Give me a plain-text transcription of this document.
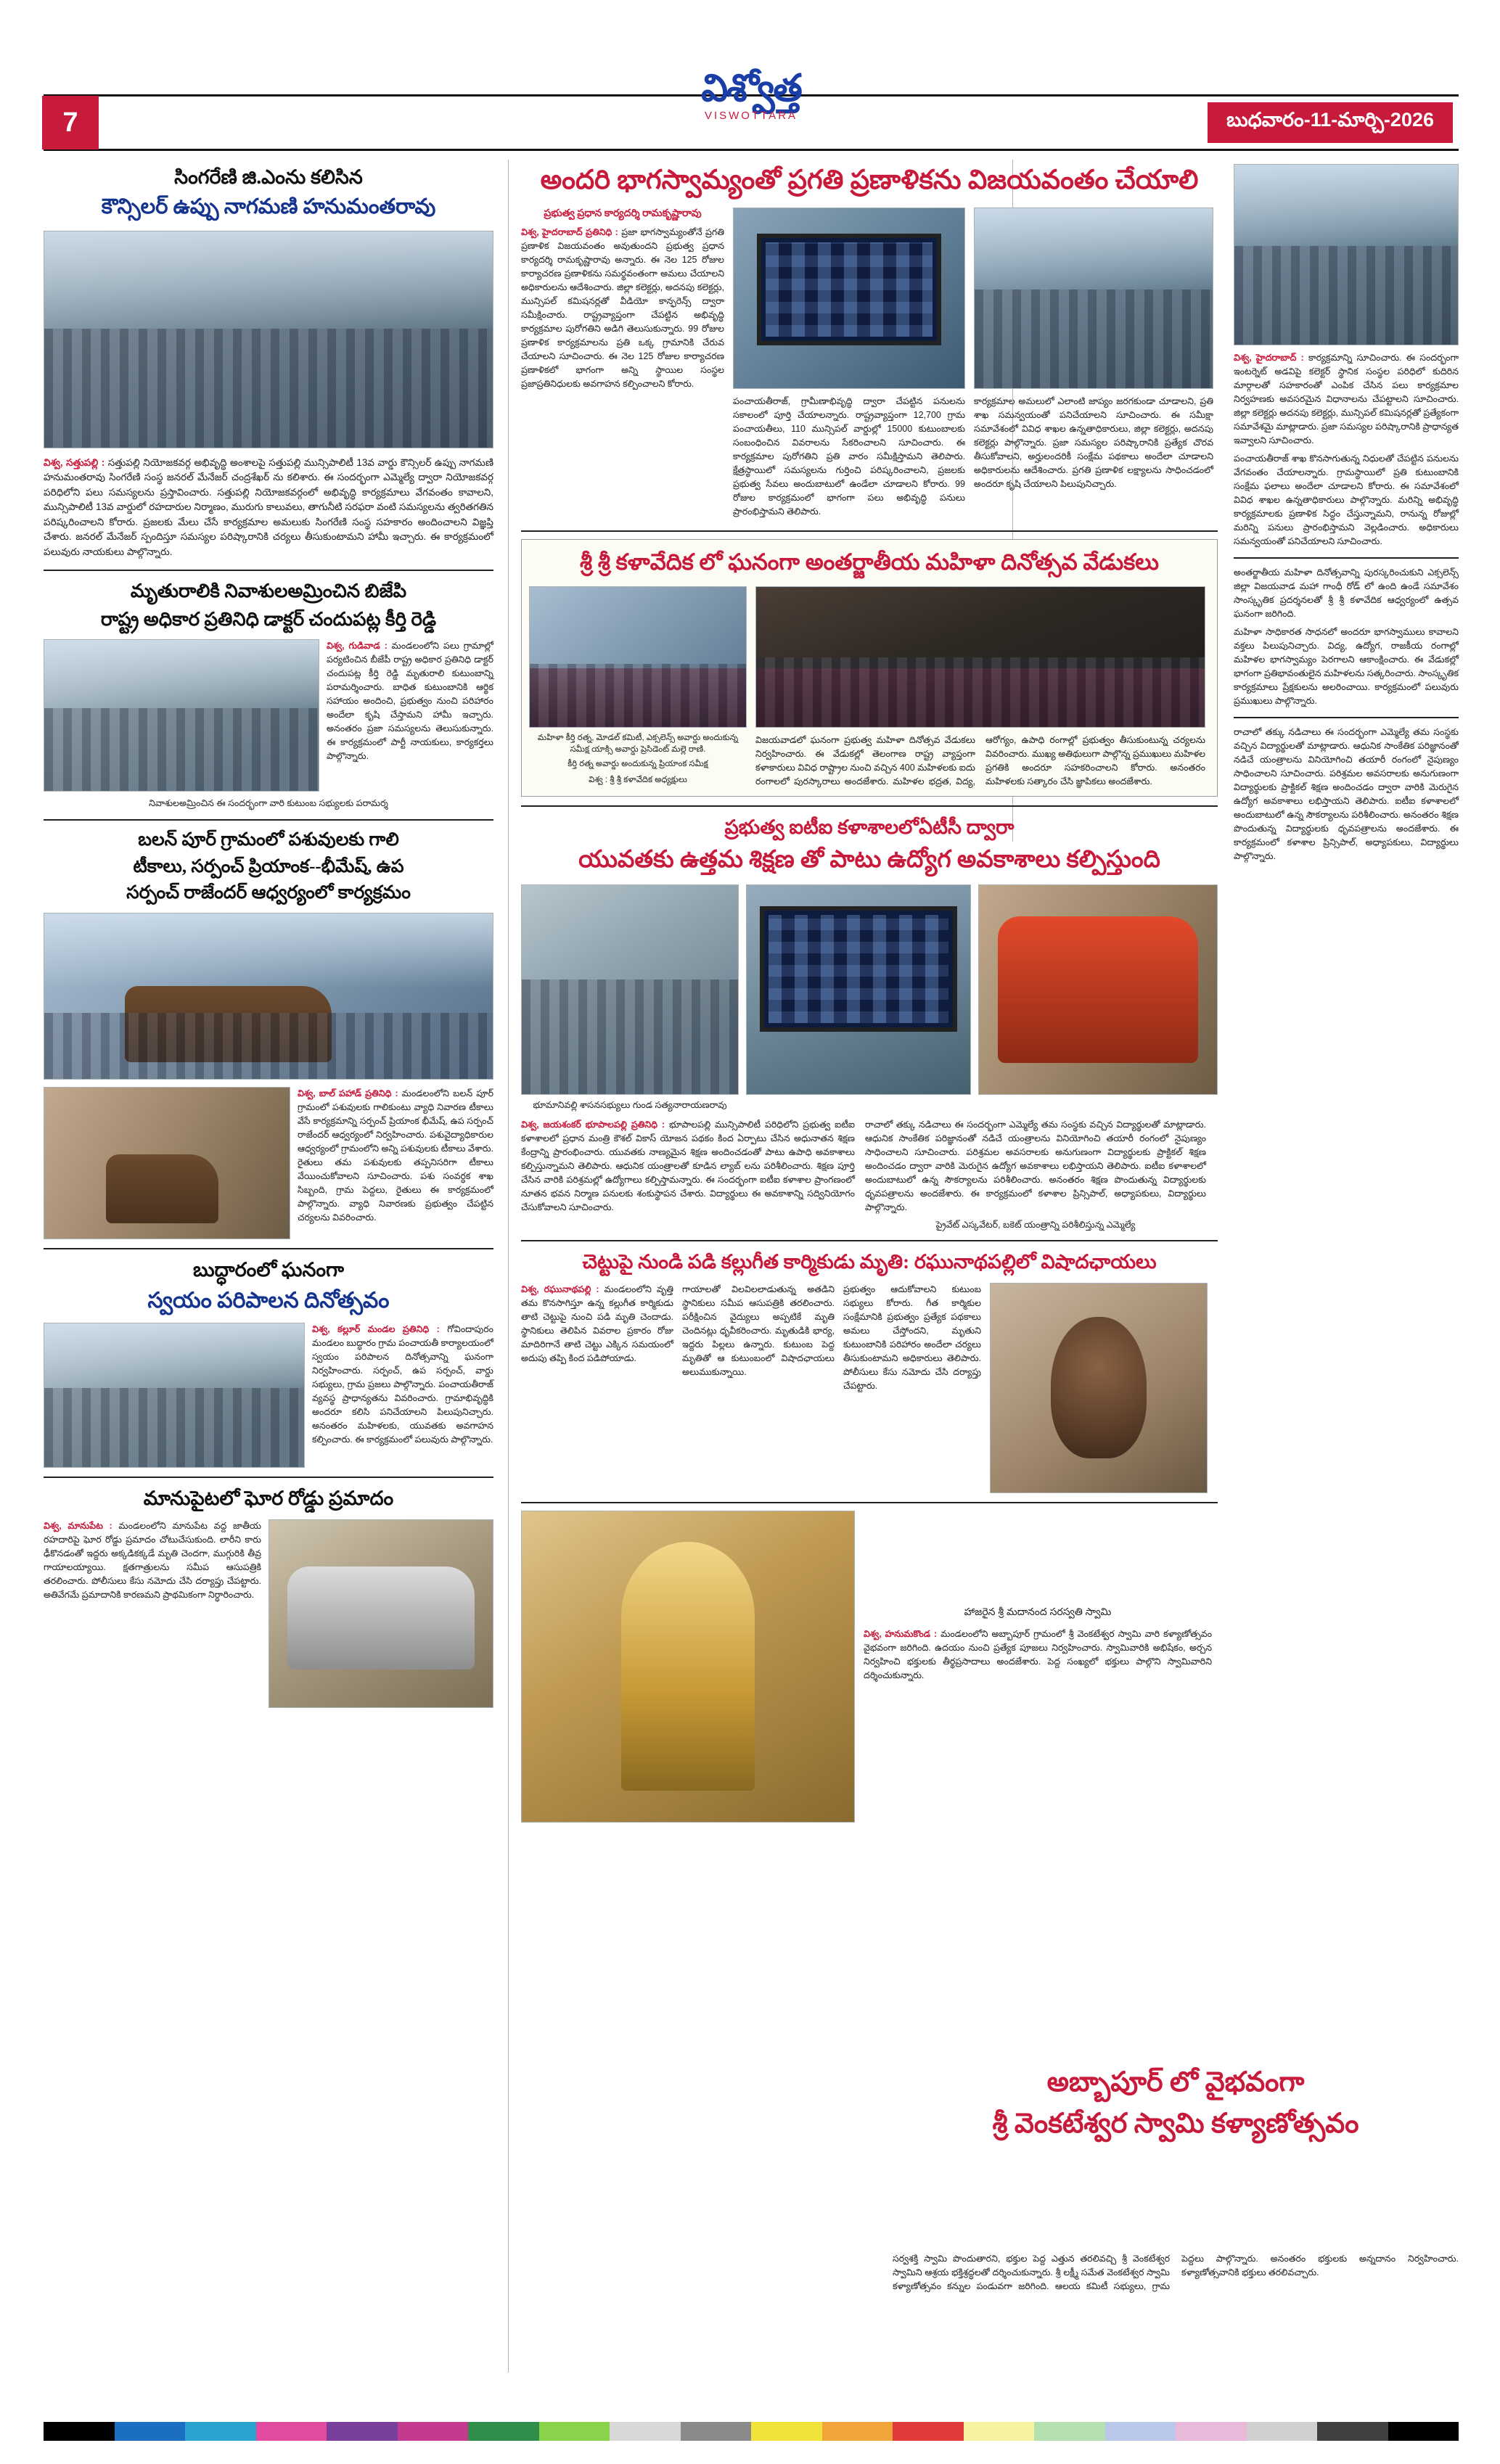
7
విశ్వోత్త
VISWOTTARA	బుధవారం-11-మార్చి-2026
సింగరేణి జి.ఎంను కలిసిన
కౌన్సిలర్ ఉప్పు నాగమణి హనుమంతరావు
విశ్వ, సత్తుపల్లి : సత్తుపల్లి నియోజకవర్గ అభివృద్ధి అంశాలపై సత్తుపల్లి మున్సిపాలిటీ 13వ వార్డు కౌన్సిలర్ ఉప్పు నాగమణి హనుమంతరావు సింగరేణి సంస్థ జనరల్ మేనేజర్ చంద్రశేఖర్ ను కలిశారు. ఈ సందర్భంగా ఎమ్మెల్యే ద్వారా నియోజకవర్గ పరిధిలోని పలు సమస్యలను ప్రస్తావించారు. సత్తుపల్లి నియోజకవర్గంలో అభివృద్ధి కార్యక్రమాలు వేగవంతం కావాలని, మున్సిపాలిటీ 13వ వార్డులో రహదారుల నిర్మాణం, మురుగు కాలువలు, తాగునీటి సరఫరా వంటి సమస్యలను త్వరితగతిన పరిష్కరించాలని కోరారు. ప్రజలకు మేలు చేసే కార్యక్రమాల అమలుకు సింగరేణి సంస్థ సహకారం అందించాలని విజ్ఞప్తి చేశారు. జనరల్ మేనేజర్ స్పందిస్తూ సమస్యల పరిష్కారానికి చర్యలు తీసుకుంటామని హామీ ఇచ్చారు. ఈ కార్యక్రమంలో పలువురు నాయకులు పాల్గొన్నారు.
మృతురాలికి నివాశులఅమ్రించిన బిజేపి
రాష్ట్ర అధికార ప్రతినిధి డాక్టర్ చందుపట్ల కీర్తి రెడ్డి
విశ్వ, గుడివాడ : మండలంలోని పలు గ్రామాల్లో పర్యటించిన బీజేపీ రాష్ట్ర అధికార ప్రతినిధి డాక్టర్ చందుపట్ల కీర్తి రెడ్డి మృతురాలి కుటుంబాన్ని పరామర్శించారు. బాధిత కుటుంబానికి ఆర్థిక సహాయం అందించి, ప్రభుత్వం నుంచి పరిహారం అందేలా కృషి చేస్తామని హామీ ఇచ్చారు. అనంతరం ప్రజా సమస్యలను తెలుసుకున్నారు. ఈ కార్యక్రమంలో పార్టీ నాయకులు, కార్యకర్తలు పాల్గొన్నారు.
నివాశులఅమ్రించిన ఈ సందర్భంగా వారి కుటుంబ సభ్యులకు పరామర్శ
బలన్ పూర్ గ్రామంలో పశువులకు గాలి
టీకాలు, సర్పంచ్ ప్రియాంక--భీమేష్, ఉప
సర్పంచ్ రాజేందర్ ఆధ్వర్యంలో కార్యక్రమం
విశ్వ, బాల్ పహాడ్ ప్రతినిధి : మండలంలోని బలన్ పూర్ గ్రామంలో పశువులకు గాలికుంటు వ్యాధి నివారణ టీకాలు వేసే కార్యక్రమాన్ని సర్పంచ్ ప్రియాంక భీమేష్, ఉప సర్పంచ్ రాజేందర్ ఆధ్వర్యంలో నిర్వహించారు. పశువైద్యాధికారుల ఆధ్వర్యంలో గ్రామంలోని అన్ని పశువులకు టీకాలు వేశారు. రైతులు తమ పశువులకు తప్పనిసరిగా టీకాలు వేయించుకోవాలని సూచించారు. పశు సంవర్ధక శాఖ సిబ్బంది, గ్రామ పెద్దలు, రైతులు ఈ కార్యక్రమంలో పాల్గొన్నారు. వ్యాధి నివారణకు ప్రభుత్వం చేపట్టిన చర్యలను వివరించారు.
బుద్ధారంలో ఘనంగా
స్వయం పరిపాలన దినోత్సవం
విశ్వ, కల్లూర్ మండల ప్రతినిధి : గోవిందాపురం మండలం బుద్ధారం గ్రామ పంచాయతీ కార్యాలయంలో స్వయం పరిపాలన దినోత్సవాన్ని ఘనంగా నిర్వహించారు. సర్పంచ్, ఉప సర్పంచ్, వార్డు సభ్యులు, గ్రామ ప్రజలు పాల్గొన్నారు. పంచాయతీరాజ్ వ్యవస్థ ప్రాధాన్యతను వివరించారు. గ్రామాభివృద్ధికి అందరూ కలిసి పనిచేయాలని పిలుపునిచ్చారు. అనంతరం మహిళలకు, యువతకు అవగాహన కల్పించారు. ఈ కార్యక్రమంలో పలువురు పాల్గొన్నారు.
మానుపైటలో ఘోర రోడ్డు ప్రమాదం
విశ్వ, మానుపేట : మండలంలోని మానుపేట వద్ద జాతీయ రహదారిపై ఘోర రోడ్డు ప్రమాదం చోటుచేసుకుంది. లారీని కారు ఢీకొనడంతో ఇద్దరు అక్కడికక్కడే మృతి చెందగా, ముగ్గురికి తీవ్ర గాయాలయ్యాయి. క్షతగాత్రులను సమీప ఆసుపత్రికి తరలించారు. పోలీసులు కేసు నమోదు చేసి దర్యాప్తు చేపట్టారు. అతివేగమే ప్రమాదానికి కారణమని ప్రాథమికంగా నిర్ధారించారు.
అందరి భాగస్వామ్యంతో ప్రగతి ప్రణాళికను విజయవంతం చేయాలి
ప్రభుత్వ ప్రధాన కార్యదర్శి రామకృష్ణారావు
విశ్వ, హైదరాబాద్ ప్రతినిధి : ప్రజా భాగస్వామ్యంతోనే ప్రగతి ప్రణాళిక విజయవంతం అవుతుందని ప్రభుత్వ ప్రధాన కార్యదర్శి రామకృష్ణారావు అన్నారు. ఈ నెల 125 రోజుల కార్యాచరణ ప్రణాళికను సమర్థవంతంగా అమలు చేయాలని అధికారులను ఆదేశించారు. జిల్లా కలెక్టర్లు, అదనపు కలెక్టర్లు, మున్సిపల్ కమిషనర్లతో వీడియో కాన్ఫరెన్స్ ద్వారా సమీక్షించారు. రాష్ట్రవ్యాప్తంగా చేపట్టిన అభివృద్ధి కార్యక్రమాల పురోగతిని అడిగి తెలుసుకున్నారు. 99 రోజుల ప్రణాళిక కార్యక్రమాలను ప్రతి ఒక్క గ్రామానికి చేరువ చేయాలని సూచించారు. ఈ నెల 125 రోజుల కార్యాచరణ ప్రణాళికలో భాగంగా అన్ని స్థాయిల సంస్థల ప్రజాప్రతినిధులకు అవగాహన కల్పించాలని కోరారు.
పంచాయతీరాజ్, గ్రామీణాభివృద్ధి ద్వారా చేపట్టిన పనులను సకాలంలో పూర్తి చేయాలన్నారు. రాష్ట్రవ్యాప్తంగా 12,700 గ్రామ పంచాయతీలు, 110 మున్సిపల్ వార్డుల్లో 15000 కుటుంబాలకు సంబంధించిన వివరాలను సేకరించాలని సూచించారు. ఈ కార్యక్రమాల పురోగతిని ప్రతి వారం సమీక్షిస్తామని తెలిపారు. క్షేత్రస్థాయిలో సమస్యలను గుర్తించి పరిష్కరించాలని, ప్రజలకు ప్రభుత్వ సేవలు అందుబాటులో ఉండేలా చూడాలని కోరారు. 99 రోజుల కార్యక్రమంలో భాగంగా పలు అభివృద్ధి పనులు ప్రారంభిస్తామని తెలిపారు.
కార్యక్రమాల అమలులో ఎలాంటి జాప్యం జరగకుండా చూడాలని, ప్రతి శాఖ సమన్వయంతో పనిచేయాలని సూచించారు. ఈ సమీక్షా సమావేశంలో వివిధ శాఖల ఉన్నతాధికారులు, జిల్లా కలెక్టర్లు, అదనపు కలెక్టర్లు పాల్గొన్నారు. ప్రజా సమస్యల పరిష్కారానికి ప్రత్యేక చొరవ తీసుకోవాలని, అర్హులందరికీ సంక్షేమ పథకాలు అందేలా చూడాలని అధికారులను ఆదేశించారు. ప్రగతి ప్రణాళిక లక్ష్యాలను సాధించడంలో అందరూ కృషి చేయాలని పిలుపునిచ్చారు.
శ్రీ శ్రీ కళావేదిక లో ఘనంగా అంతర్జాతీయ మహిళా దినోత్సవ వేడుకలు
మహిళా కీర్తి రత్న, మోడల్ కమిటీ, ఎక్సలెన్స్ అవార్డు అందుకున్న సమీక్ష యాక్సి అవార్డు ప్రెసిడెంట్ మల్లె రాణి.
కీర్తి రత్న అవార్డు అందుకున్న ప్రియాంక సమీక్ష
విశ్వ : శ్రీ శ్రీ కళావేదిక అధ్యక్షులు
విజయవాడలో ఘనంగా ప్రభుత్వ మహిళా దినోత్సవ వేడుకలు నిర్వహించారు. ఈ వేడుకల్లో తెలంగాణ రాష్ట్ర వ్యాప్తంగా కళాకారులు వివిధ రాష్ట్రాల నుంచి వచ్చిన 400 మహిళలకు ఐదు రంగాలలో పురస్కారాలు అందజేశారు. మహిళల భద్రత, విద్య, ఆరోగ్యం, ఉపాధి రంగాల్లో ప్రభుత్వం తీసుకుంటున్న చర్యలను వివరించారు. ముఖ్య అతిథులుగా పాల్గొన్న ప్రముఖులు మహిళల ప్రగతికి అందరూ సహకరించాలని కోరారు. అనంతరం మహిళలకు సత్కారం చేసి జ్ఞాపికలు అందజేశారు.
ప్రభుత్వ ఐటీఐ కళాశాలలోఏటీసీ ద్వారా
యువతకు ఉత్తమ శిక్షణ తో పాటు ఉద్యోగ అవకాశాలు కల్పిస్తుంది
భూమానివల్లి శాసనసభ్యులు గుండ సత్యనారాయణరావు
విశ్వ, జయశంకర్ భూపాలపల్లి ప్రతినిధి : భూపాలపల్లి మున్సిపాలిటీ పరిధిలోని ప్రభుత్వ ఐటీఐ కళాశాలలో ప్రధాన మంత్రి కౌశల్ వికాస్ యోజన పథకం కింద ఏర్పాటు చేసిన అధునాతన శిక్షణ కేంద్రాన్ని ప్రారంభించారు. యువతకు నాణ్యమైన శిక్షణ అందించడంతో పాటు ఉపాధి అవకాశాలు కల్పిస్తున్నామని తెలిపారు. ఆధునిక యంత్రాలతో కూడిన ల్యాబ్ లను పరిశీలించారు. శిక్షణ పూర్తి చేసిన వారికి పరిశ్రమల్లో ఉద్యోగాలు కల్పిస్తామన్నారు. ఈ సందర్భంగా ఐటీఐ కళాశాల ప్రాంగణంలో నూతన భవన నిర్మాణ పనులకు శంకుస్థాపన చేశారు. విద్యార్థులు ఈ అవకాశాన్ని సద్వినియోగం చేసుకోవాలని సూచించారు.
రాచాలో తక్కు నడిచాలు ఈ సందర్భంగా ఎమ్మెల్యే తమ సంస్థకు వచ్చిన విద్యార్థులతో మాట్లాడారు. ఆధునిక సాంకేతిక పరిజ్ఞానంతో నడిచే యంత్రాలను వినియోగించి తయారీ రంగంలో నైపుణ్యం సాధించాలని సూచించారు. పరిశ్రమల అవసరాలకు అనుగుణంగా విద్యార్థులకు ప్రాక్టికల్ శిక్షణ అందించడం ద్వారా వారికి మెరుగైన ఉద్యోగ అవకాశాలు లభిస్తాయని తెలిపారు. ఐటీఐ కళాశాలలో అందుబాటులో ఉన్న సౌకర్యాలను పరిశీలించారు. అనంతరం శిక్షణ పొందుతున్న విద్యార్థులకు ధృవపత్రాలను అందజేశారు. ఈ కార్యక్రమంలో కళాశాల ప్రిన్సిపాల్, అధ్యాపకులు, విద్యార్థులు పాల్గొన్నారు.
ప్రైవేట్ ఎస్కవేటర్, బకెట్ యంత్రాన్ని పరిశీలిస్తున్న ఎమ్మెల్యే
చెట్టుపై నుండి పడి కల్లుగీత కార్మికుడు మృతి: రఘునాథపల్లిలో విషాదఛాయలు
విశ్వ, రఘునాథపల్లి : మండలంలోని వృత్తి తమ కొనసాగిస్తూ ఉన్న కల్లుగీత కార్మికుడు తాటి చెట్టుపై నుంచి పడి మృతి చెందాడు. స్థానికులు తెలిపిన వివరాల ప్రకారం రోజు మాదిరిగానే తాటి చెట్టు ఎక్కిన సమయంలో అదుపు తప్పి కింద పడిపోయాడు.
గాయాలతో విలవిలలాడుతున్న అతడిని స్థానికులు సమీప ఆసుపత్రికి తరలించారు. పరీక్షించిన వైద్యులు అప్పటికే మృతి చెందినట్లు ధృవీకరించారు. మృతుడికి భార్య, ఇద్దరు పిల్లలు ఉన్నారు. కుటుంబ పెద్ద మృతితో ఆ కుటుంబంలో విషాదఛాయలు అలుముకున్నాయి.
ప్రభుత్వం ఆదుకోవాలని కుటుంబ సభ్యులు కోరారు. గీత కార్మికుల సంక్షేమానికి ప్రభుత్వం ప్రత్యేక పథకాలు అమలు చేస్తోందని, మృతుని కుటుంబానికి పరిహారం అందేలా చర్యలు తీసుకుంటామని అధికారులు తెలిపారు. పోలీసులు కేసు నమోదు చేసి దర్యాప్తు చేపట్టారు.
హాజరైన శ్రీ మదానంద సరస్వతి స్వామి
విశ్వ, హనుమకొండ : మండలంలోని అబ్బాపూర్ గ్రామంలో శ్రీ వెంకటేశ్వర స్వామి వారి కళ్యాణోత్సవం వైభవంగా జరిగింది. ఉదయం నుంచి ప్రత్యేక పూజలు నిర్వహించారు. స్వామివారికి అభిషేకం, అర్చన నిర్వహించి భక్తులకు తీర్థప్రసాదాలు అందజేశారు. పెద్ద సంఖ్యలో భక్తులు పాల్గొని స్వామివారిని దర్శించుకున్నారు.
విశ్వ, హైదరాబాద్ : కార్యక్రమాన్ని సూచించారు. ఈ సందర్భంగా ఇంటర్నెట్ అడవిపై కలెక్టర్ స్థానిక సంస్థల పరిధిలో కుదిరిన మార్గాలతో సహకారంతో ఎంపిక చేసిన పలు కార్యక్రమాల నిర్వహణకు అవసరమైన విధానాలను చేపట్టాలని సూచించారు. జిల్లా కలెక్టర్లు అదనపు కలెక్టర్లు, మున్సిపల్ కమిషనర్లతో ప్రత్యేకంగా సమావేశమై మాట్లాడారు. ప్రజా సమస్యల పరిష్కారానికి ప్రాధాన్యత ఇవ్వాలని సూచించారు.
పంచాయతీరాజ్ శాఖ కొనసాగుతున్న నిధులతో చేపట్టిన పనులను వేగవంతం చేయాలన్నారు. గ్రామస్థాయిలో ప్రతి కుటుంబానికి సంక్షేమ ఫలాలు అందేలా చూడాలని కోరారు. ఈ సమావేశంలో వివిధ శాఖల ఉన్నతాధికారులు పాల్గొన్నారు. మరిన్ని అభివృద్ధి కార్యక్రమాలకు ప్రణాళిక సిద్ధం చేస్తున్నామని, రానున్న రోజుల్లో మరిన్ని పనులు ప్రారంభిస్తామని వెల్లడించారు. అధికారులు సమన్వయంతో పనిచేయాలని సూచించారు.
అంతర్జాతీయ మహిళా దినోత్సవాన్ని పురస్కరించుకుని ఎక్సలెన్స్ జిల్లా విజయవాడ మహా గాంధీ రోడ్ లో ఉంది ఉండే సమావేశం సాంస్కృతిక ప్రదర్శనలతో శ్రీ శ్రీ కళావేదిక ఆధ్వర్యంలో ఉత్సవ ఘనంగా జరిగింది.
మహిళా సాధికారత సాధనలో అందరూ భాగస్వాములు కావాలని వక్తలు పిలుపునిచ్చారు. విద్య, ఉద్యోగ, రాజకీయ రంగాల్లో మహిళల భాగస్వామ్యం పెరగాలని ఆకాంక్షించారు. ఈ వేడుకల్లో భాగంగా ప్రతిభావంతులైన మహిళలను సత్కరించారు. సాంస్కృతిక కార్యక్రమాలు ప్రేక్షకులను అలరించాయి. కార్యక్రమంలో పలువురు ప్రముఖులు పాల్గొన్నారు.
రాచాలో తక్కు నడిచాలు ఈ సందర్భంగా ఎమ్మెల్యే తమ సంస్థకు వచ్చిన విద్యార్థులతో మాట్లాడారు. ఆధునిక సాంకేతిక పరిజ్ఞానంతో నడిచే యంత్రాలను వినియోగించి తయారీ రంగంలో నైపుణ్యం సాధించాలని సూచించారు. పరిశ్రమల అవసరాలకు అనుగుణంగా విద్యార్థులకు ప్రాక్టికల్ శిక్షణ అందించడం ద్వారా వారికి మెరుగైన ఉద్యోగ అవకాశాలు లభిస్తాయని తెలిపారు. ఐటీఐ కళాశాలలో అందుబాటులో ఉన్న సౌకర్యాలను పరిశీలించారు. అనంతరం శిక్షణ పొందుతున్న విద్యార్థులకు ధృవపత్రాలను అందజేశారు. ఈ కార్యక్రమంలో కళాశాల ప్రిన్సిపాల్, అధ్యాపకులు, విద్యార్థులు పాల్గొన్నారు.
అబ్బాపూర్ లో వైభవంగా
శ్రీ వెంకటేశ్వర స్వామి కళ్యాణోత్సవం
సర్వశక్తి స్వామి పొందుతారని, భక్తుల పెద్ద ఎత్తున తరలివచ్చి శ్రీ వెంకటేశ్వర స్వామిని ఆశ్రయ భక్తిశ్రద్ధలతో దర్శించుకున్నారు. శ్రీ లక్ష్మీ సమేత వెంకటేశ్వర స్వామి కళ్యాణోత్సవం కన్నుల పండువగా జరిగింది. ఆలయ కమిటీ సభ్యులు, గ్రామ పెద్దలు పాల్గొన్నారు. అనంతరం భక్తులకు అన్నదానం నిర్వహించారు. కళ్యాణోత్సవానికి భక్తులు తరలివచ్చారు.
